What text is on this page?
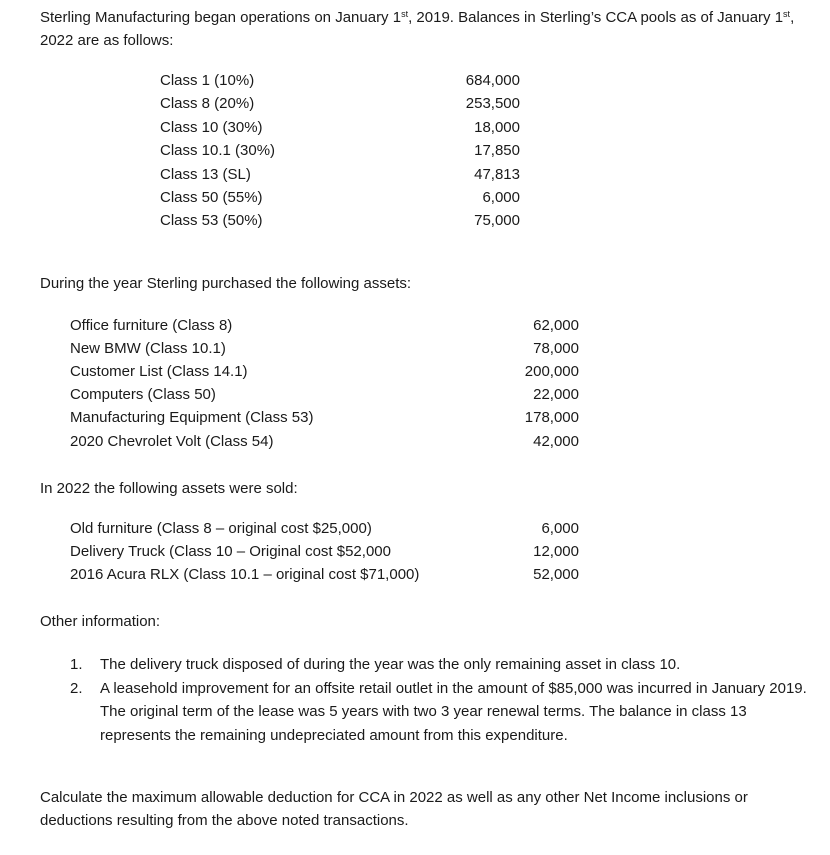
Sterling Manufacturing began operations on January 1st, 2019. Balances in Sterling’s CCA pools as of January 1st,
2022 are as follows:
Class 1 (10%)	684,000
Class 8 (20%)	253,500
Class 10 (30%)	18,000
Class 10.1 (30%)	17,850
Class 13 (SL)	47,813
Class 50 (55%)	6,000
Class 53 (50%)	75,000
During the year Sterling purchased the following assets:
Office furniture (Class 8)	62,000
New BMW (Class 10.1)	78,000
Customer List (Class 14.1)	200,000
Computers (Class 50)	22,000
Manufacturing Equipment (Class 53)	178,000
2020 Chevrolet Volt (Class 54)	42,000
In 2022 the following assets were sold:
Old furniture (Class 8 – original cost $25,000)	6,000
Delivery Truck (Class 10 – Original cost $52,000	12,000
2016 Acura RLX (Class 10.1 – original cost $71,000)	52,000
Other information:
1. The delivery truck disposed of during the year was the only remaining asset in class 10.
2. A leasehold improvement for an offsite retail outlet in the amount of $85,000 was incurred in January 2019. The original term of the lease was 5 years with two 3 year renewal terms. The balance in class 13 represents the remaining undepreciated amount from this expenditure.
Calculate the maximum allowable deduction for CCA in 2022 as well as any other Net Income inclusions or deductions resulting from the above noted transactions.
